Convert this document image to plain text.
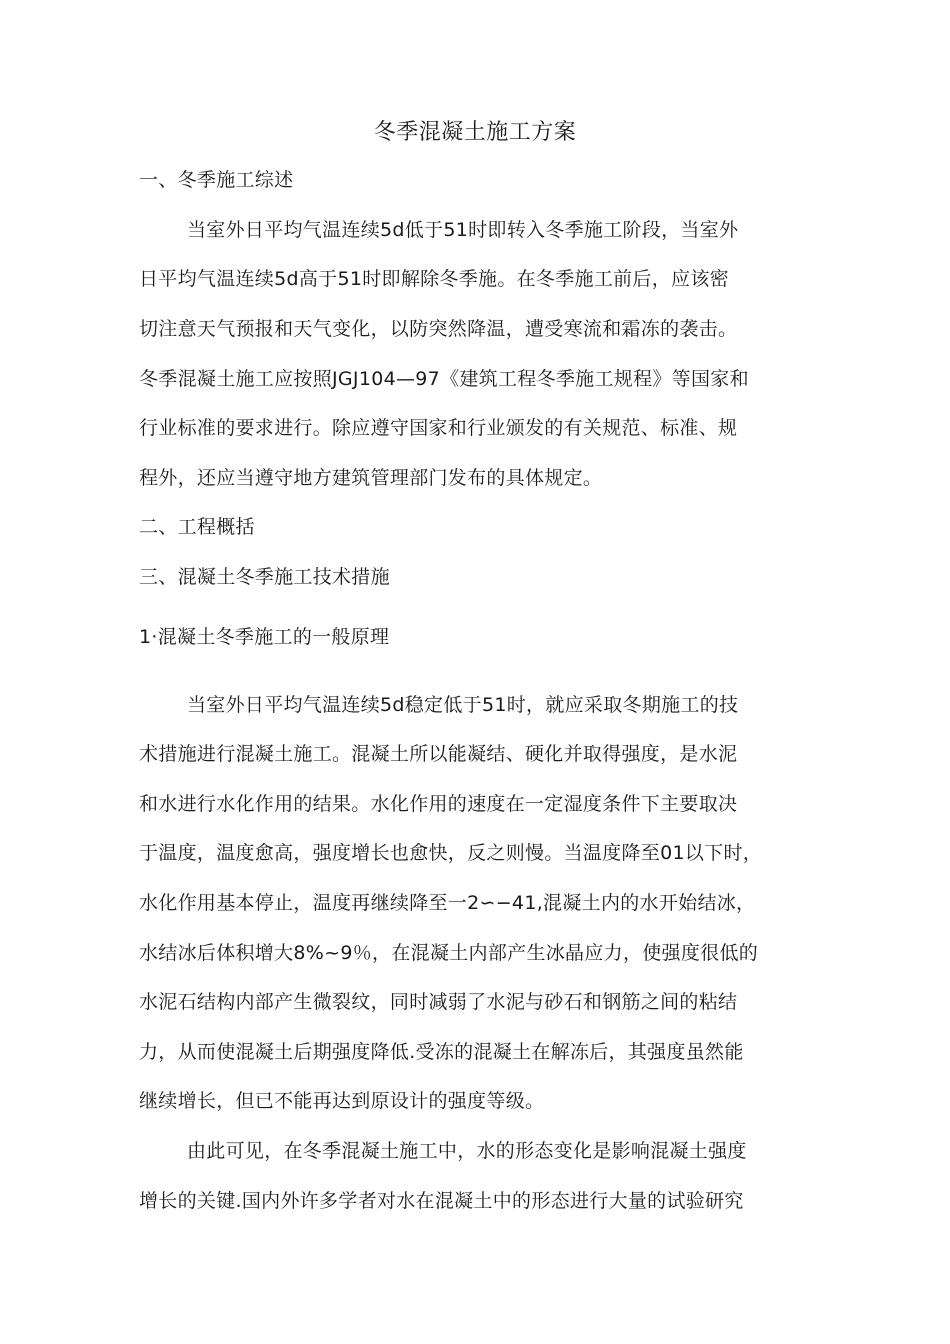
冬季混凝土施工方案
一、冬季施工综述
当室外日平均气温连续5d低于51时即转入冬季施工阶段，当室外
日平均气温连续5d高于51时即解除冬季施。在冬季施工前后，应该密
切注意天气预报和天气变化，以防突然降温，遭受寒流和霜冻的袭击。
冬季混凝土施工应按照JGJ104—97《建筑工程冬季施工规程》等国家和
行业标准的要求进行。除应遵守国家和行业颁发的有关规范、标准、规
程外，还应当遵守地方建筑管理部门发布的具体规定。
二、工程概括
三、混凝土冬季施工技术措施
1·混凝土冬季施工的一般原理
当室外日平均气温连续5d稳定低于51时，就应采取冬期施工的技
术措施进行混凝土施工。混凝土所以能凝结、硬化并取得强度，是水泥
和水进行水化作用的结果。水化作用的速度在一定湿度条件下主要取决
于温度，温度愈高，强度增长也愈快，反之则慢。当温度降至01以下时，
水化作用基本停止，温度再继续降至一2∽−41,混凝土内的水开始结冰，
水结冰后体积增大8%~9％，在混凝土内部产生冰晶应力，使强度很低的
水泥石结构内部产生微裂纹，同时减弱了水泥与砂石和钢筋之间的粘结
力，从而使混凝土后期强度降低.受冻的混凝土在解冻后，其强度虽然能
继续增长，但已不能再达到原设计的强度等级。
由此可见，在冬季混凝土施工中，水的形态变化是影响混凝土强度
增长的关键.国内外许多学者对水在混凝土中的形态进行大量的试验研究
